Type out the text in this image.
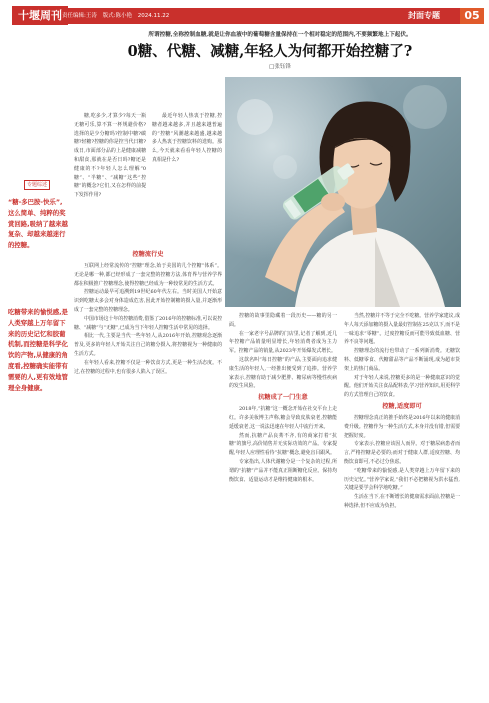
十堰周刊 责任编辑:王涛 版式:陈小艳 2024.11.22	封面专题	05
所谓控糖,全称控制血糖,就是让你血液中的葡萄糖含量保持在一个相对稳定的范围内,不要频繁地上下起伏。
0糖、代糖、减糖,年轻人为何都开始控糖了?
□张钰锋
专题综述
“糖-多巴胺-快乐”,这么简单、纯粹的奖赏回路,吸纳了越来越复杂、却越来越迷行的控糖。
吃糖带来的愉悦感,是人类穿越上万年留下来的历史记忆和胶葡机制,而控糖是科学化饮的产物,从健康的角度看,控糖确实能带有需要的人,更有效地管理全身健康。

糖,吃多少,才算少?每天一瓶无糖可乐,算不算一杯规避价格?选择的是少分糖吗?控制中糖?碳糖?轻糖?控糖的你是控当代日糖?成日,市面部分品的上是健康减糖和甜食,那就在是否日吗?糖还是健康的不?年轻人怎么理解“0糖”、“半糖”、“减糖”这些“控糖”的概念?它们,又在怎样的前提下发挥作用?

最近年轻人热衷于控糖,控糖者越来越多,并且越来越普遍的“控糖”风潮越来越盛,越来越多人热衷于控糖饮料的选购。那么,今天就来看看年轻人控糖的真相是什么?

控糖流行史

互联网上经常流传的“控糖”理念,始于美国的几个控糖“体系”。无论是哪一种,都已经形成了一套完整的控糖方法,体育界与营养学界都在积极推广控糖理念,使得控糖已经成为一种较常见的生活方式。

控糖运动最早可追溯到19世纪60年代左右。当时美国人开始意识到吃糖太多会对身体造成危害,因此开始控制糖的摄入量,并逐渐形成了一套完整的控糖理念。

中国市场这十年的控糖消费,借鉴了2016年的控糖标准,可以说控糖、“减糖”与“无糖”,已成为当下年轻人控糖生活中常见的选择。

相比一代,主要是当代一些年轻人,从2016年开始,控糖观念逐渐普及,更多的年轻人开始关注自己的糖分摄入,将控糖视为一种健康的生活方式。

在年轻人看来,控糖不仅是一种饮食方式,更是一种生活态度。不过,在控糖的过程中,也有很多人陷入了误区。

控糖的故事里隐藏着一段历史——糖的另一面。

在一家老字号品牌的门店里,记者了解到,近几年控糖产品销量明显增长,年轻消费者成为主力军。控糖产品的销量,从2023年开始爆发式增长。

这款名叫“每日控糖”的产品,主要面向追求健康生活的年轻人,一经推出便受到了追捧。营养学家表示,控糖有助于减少肥胖、糖尿病等慢性疾病的发生风险。

抗糖成了一门生意

2018年,“抗糖”这一概念开始在社交平台上走红。许多美妆博主声称,糖会导致皮肤衰老,控糖能延缓衰老,这一说法迅速在年轻人中流行开来。

然而,抗糖产品良莠不齐,有的商家打着“抗糖”的旗号,高价销售并无实际功效的产品。专家提醒,年轻人应理性看待“抗糖”概念,避免盲目跟风。

专家指出,人体代谢糖分是一个复杂的过程,所谓的“抗糖”产品并不能真正阻断糖化反应。保持均衡饮食、适量运动才是维持健康的根本。

当然,控糖并不等于完全不吃糖。营养学家建议,成年人每天添加糖的摄入量最好控制在25克以下,而不是一味追求“零糖”。过度控糖反而可能导致低血糖、营养不良等问题。

控糖理念的流行也带动了一系列新消费。无糖饮料、低糖零食、代糖甜品等产品不断涌现,成为超市货架上的热门商品。

对于年轻人来说,控糖更多的是一种健康意识的觉醒。他们开始关注食品配料表,学习营养知识,用更科学的方式管理自己的饮食。

控糖,适度即可

控糖理念真正的推手始终是2016年以来的健康消费升级。控糖作为一种生活方式,本身并没有错,但需要把握好度。

专家表示,控糖应该因人而异。对于糖尿病患者而言,严格控糖是必要的;而对于健康人群,适度控糖、均衡饮食即可,不必过分焦虑。

“吃糖带来的愉悦感,是人类穿越上万年留下来的历史记忆。”营养学家说,“我们不必把糖视为洪水猛兽,关键是要学会科学地吃糖。”

生活在当下,在不断增长的健康需求面前,控糖是一种选择,但不应成为负担。
